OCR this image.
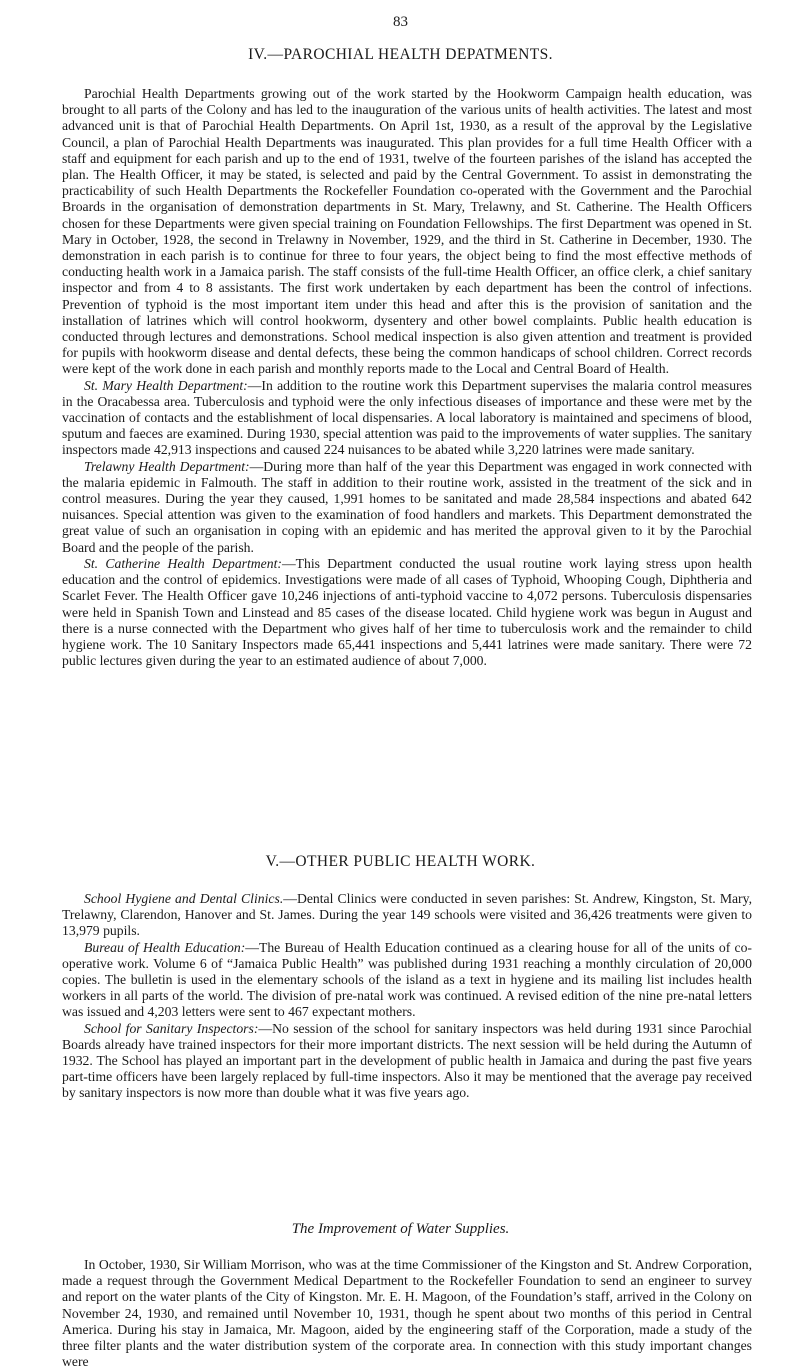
83
IV.—PAROCHIAL HEALTH DEPATMENTS.

Parochial Health Departments growing out of the work started by the Hookworm Campaign health education, was brought to all parts of the Colony and has led to the inauguration of the various units of health activities. The latest and most advanced unit is that of Parochial Health Departments. On April 1st, 1930, as a result of the approval by the Legislative Council, a plan of Parochial Health Departments was inaugurated. This plan provides for a full time Health Officer with a staff and equipment for each parish and up to the end of 1931, twelve of the fourteen parishes of the island has accepted the plan. The Health Officer, it may be stated, is selected and paid by the Central Government. To assist in demonstrating the practicability of such Health Departments the Rockefeller Foundation co-operated with the Government and the Parochial Broards in the organisation of demonstration departments in St. Mary, Trelawny, and St. Catherine. The Health Officers chosen for these Departments were given special training on Foundation Fellowships. The first Department was opened in St. Mary in October, 1928, the second in Trelawny in November, 1929, and the third in St. Catherine in December, 1930. The demonstration in each parish is to continue for three to four years, the object being to find the most effective methods of conducting health work in a Jamaica parish. The staff consists of the full-time Health Officer, an office clerk, a chief sanitary inspector and from 4 to 8 assistants. The first work undertaken by each department has been the control of infections. Prevention of typhoid is the most important item under this head and after this is the provision of sanitation and the installation of latrines which will control hookworm, dysentery and other bowel complaints. Public health education is conducted through lectures and demonstrations. School medical inspection is also given attention and treatment is provided for pupils with hookworm disease and dental defects, these being the common handicaps of school children. Correct records were kept of the work done in each parish and monthly reports made to the Local and Central Board of Health.

St. Mary Health Department:—In addition to the routine work this Department supervises the malaria control measures in the Oracabessa area. Tuberculosis and typhoid were the only infectious diseases of importance and these were met by the vaccination of contacts and the establishment of local dispensaries. A local laboratory is maintained and specimens of blood, sputum and faeces are examined. During 1930, special attention was paid to the improvements of water supplies. The sanitary inspectors made 42,913 inspections and caused 224 nuisances to be abated while 3,220 latrines were made sanitary.

Trelawny Health Department:—During more than half of the year this Department was engaged in work connected with the malaria epidemic in Falmouth. The staff in addition to their routine work, assisted in the treatment of the sick and in control measures. During the year they caused, 1,991 homes to be sanitated and made 28,584 inspections and abated 642 nuisances. Special attention was given to the examination of food handlers and markets. This Department demonstrated the great value of such an organisation in coping with an epidemic and has merited the approval given to it by the Parochial Board and the people of the parish.

St. Catherine Health Department:—This Department conducted the usual routine work laying stress upon health education and the control of epidemics. Investigations were made of all cases of Typhoid, Whooping Cough, Diphtheria and Scarlet Fever. The Health Officer gave 10,246 injections of anti-typhoid vaccine to 4,072 persons. Tuberculosis dispensaries were held in Spanish Town and Linstead and 85 cases of the disease located. Child hygiene work was begun in August and there is a nurse connected with the Department who gives half of her time to tuberculosis work and the remainder to child hygiene work. The 10 Sanitary Inspectors made 65,441 inspections and 5,441 latrines were made sanitary. There were 72 public lectures given during the year to an estimated audience of about 7,000.

V.—OTHER PUBLIC HEALTH WORK.

School Hygiene and Dental Clinics.—Dental Clinics were conducted in seven parishes: St. Andrew, Kingston, St. Mary, Trelawny, Clarendon, Hanover and St. James. During the year 149 schools were visited and 36,426 treatments were given to 13,979 pupils.

Bureau of Health Education:—The Bureau of Health Education continued as a clearing house for all of the units of co-operative work. Volume 6 of “Jamaica Public Health” was published during 1931 reaching a monthly circulation of 20,000 copies. The bulletin is used in the elementary schools of the island as a text in hygiene and its mailing list includes health workers in all parts of the world. The division of pre-natal work was continued. A revised edition of the nine pre-natal letters was issued and 4,203 letters were sent to 467 expectant mothers.

School for Sanitary Inspectors:—No session of the school for sanitary inspectors was held during 1931 since Parochial Boards already have trained inspectors for their more important districts. The next session will be held during the Autumn of 1932. The School has played an important part in the development of public health in Jamaica and during the past five years part-time officers have been largely replaced by full-time inspectors. Also it may be mentioned that the average pay received by sanitary inspectors is now more than double what it was five years ago.

The Improvement of Water Supplies.

In October, 1930, Sir William Morrison, who was at the time Commissioner of the Kingston and St. Andrew Corporation, made a request through the Government Medical Department to the Rockefeller Foundation to send an engineer to survey and report on the water plants of the City of Kingston. Mr. E. H. Magoon, of the Foundation’s staff, arrived in the Colony on November 24, 1930, and remained until November 10, 1931, though he spent about two months of this period in Central America. During his stay in Jamaica, Mr. Magoon, aided by the engineering staff of the Corporation, made a study of the three filter plants and the water distribution system of the corporate area. In connection with this study important changes were
